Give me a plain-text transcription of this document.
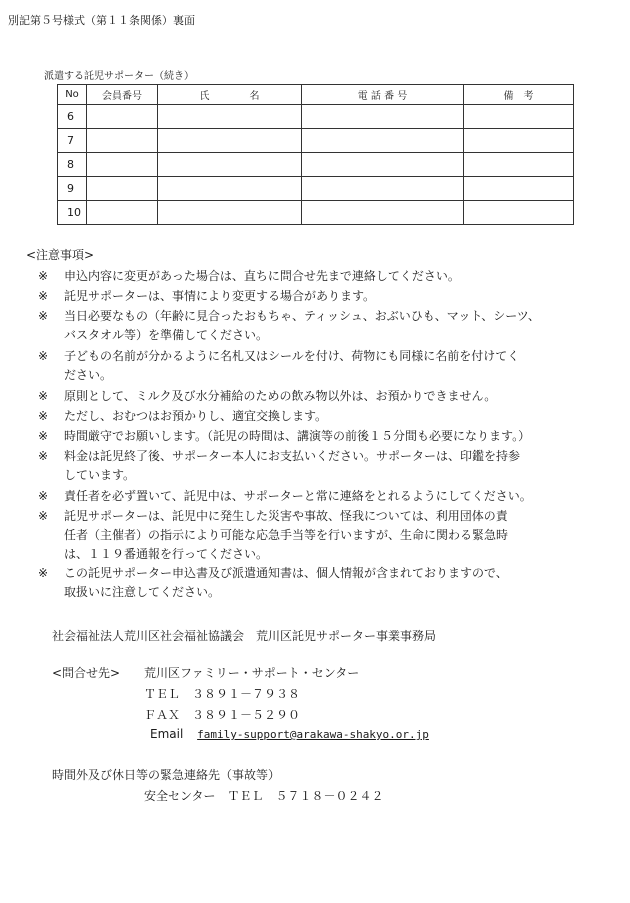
別記第５号様式（第１１条関係）裏面
派遣する託児サポーター（続き）
No	会員番号	氏　　　　名	電 話 番 号	備　考
6				
7				
8				
9				
10				
<注意事項>
※ 申込内容に変更があった場合は、直ちに問合せ先まで連絡してください。
※ 託児サポーターは、事情により変更する場合があります。
※ 当日必要なもの（年齢に見合ったおもちゃ、ティッシュ、おぶいひも、マット、シーツ、
バスタオル等）を準備してください。
※ 子どもの名前が分かるように名札又はシールを付け、荷物にも同様に名前を付けてく
ださい。
※ 原則として、ミルク及び水分補給のための飲み物以外は、お預かりできません。
※ ただし、おむつはお預かりし、適宜交換します。
※ 時間厳守でお願いします。（託児の時間は、講演等の前後１５分間も必要になります。）
※ 料金は託児終了後、サポーター本人にお支払いください。サポーターは、印鑑を持参
しています。
※ 責任者を必ず置いて、託児中は、サポーターと常に連絡をとれるようにしてください。
※ 託児サポーターは、託児中に発生した災害や事故、怪我については、利用団体の責
任者（主催者）の指示により可能な応急手当等を行いますが、生命に関わる緊急時
は、１１９番通報を行ってください。
※ この託児サポーター申込書及び派遣通知書は、個人情報が含まれておりますので、
取扱いに注意してください。
社会福祉法人荒川区社会福祉協議会　荒川区託児サポーター事業事務局
<問合せ先> 荒川区ファミリー・サポート・センター
ＴＥＬ　３８９１－７９３８
ＦＡＸ　３８９１－５２９０
Email family-support@arakawa-shakyo.or.jp
時間外及び休日等の緊急連絡先（事故等）
安全センター　ＴＥＬ　５７１８－０２４２
